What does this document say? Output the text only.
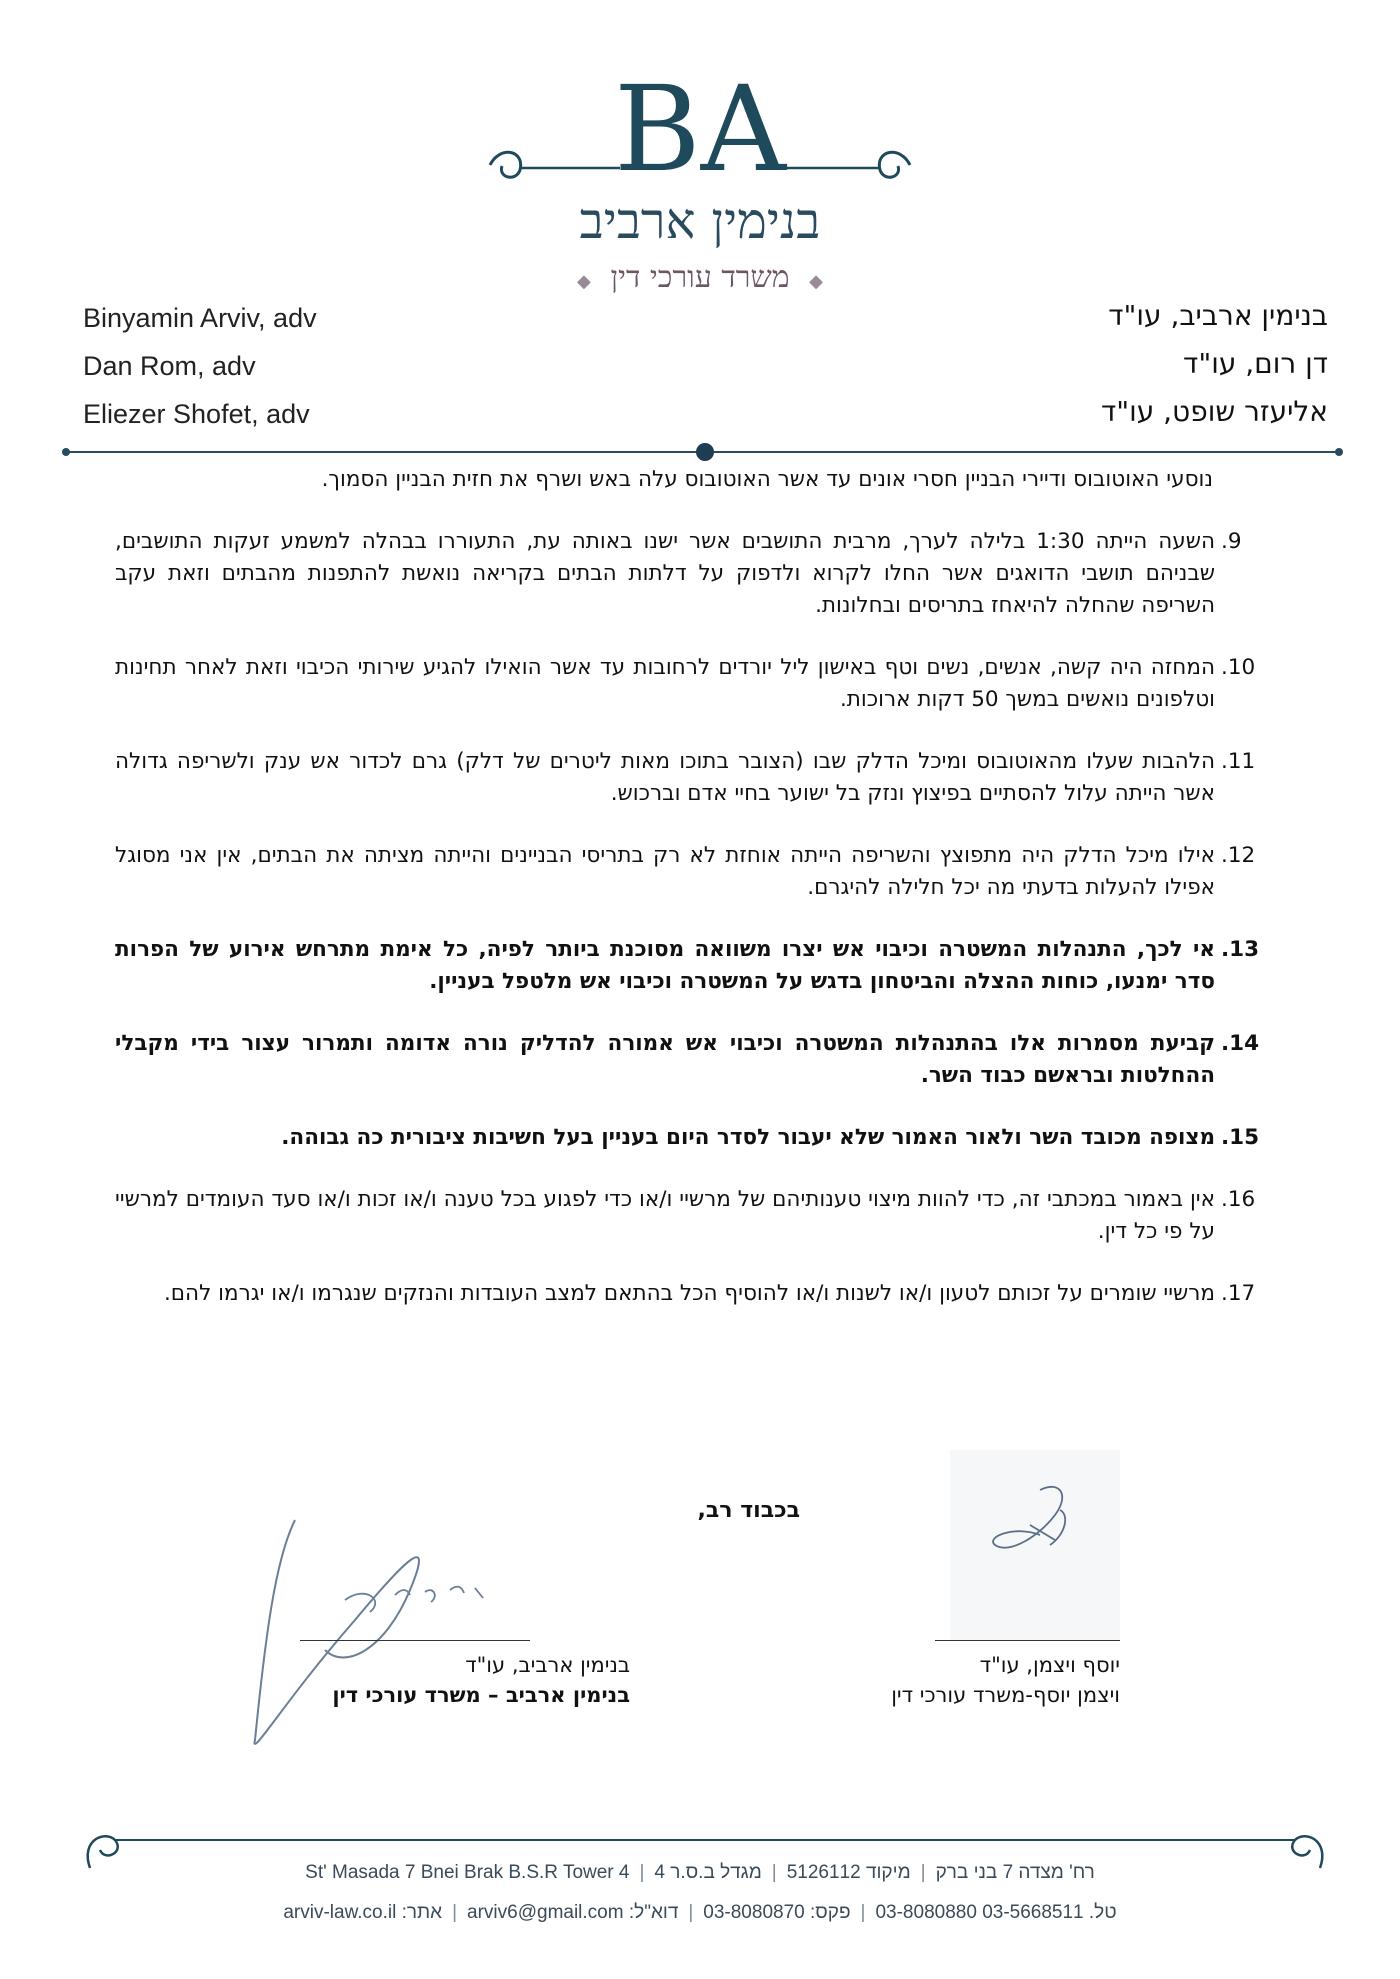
BA
בנימין ארביב
◆ משרד עורכי דין ◆
Binyamin Arviv, adv
Dan Rom, adv
Eliezer Shofet, adv
בנימין ארביב, עו"ד
דן רום, עו"ד
אליעזר שופט, עו"ד

נוסעי האוטובוס ודיירי הבניין חסרי אונים עד אשר האוטובוס עלה באש ושרף את חזית הבניין הסמוך.

9.
השעה הייתה 1:30 בלילה לערך, מרבית התושבים אשר ישנו באותה עת, התעוררו בבהלה למשמע זעקות התושבים, שבניהם תושבי הדואגים אשר החלו לקרוא ולדפוק על דלתות הבתים בקריאה נואשת להתפנות מהבתים וזאת עקב השריפה שהחלה להיאחז בתריסים ובחלונות.
10.
המחזה היה קשה, אנשים, נשים וטף באישון ליל יורדים לרחובות עד אשר הואילו להגיע שירותי הכיבוי וזאת לאחר תחינות וטלפונים נואשים במשך 50 דקות ארוכות.
11.
הלהבות שעלו מהאוטובוס ומיכל הדלק שבו (הצובר בתוכו מאות ליטרים של דלק) גרם לכדור אש ענק ולשריפה גדולה אשר הייתה עלול להסתיים בפיצוץ ונזק בל ישוער בחיי אדם וברכוש.
12.
אילו מיכל הדלק היה מתפוצץ והשריפה הייתה אוחזת לא רק בתריסי הבניינים והייתה מציתה את הבתים, אין אני מסוגל אפילו להעלות בדעתי מה יכל חלילה להיגרם.
13.
אי לכך, התנהלות המשטרה וכיבוי אש יצרו משוואה מסוכנת ביותר לפיה, כל אימת מתרחש אירוע של הפרות סדר ימנעו, כוחות ההצלה והביטחון בדגש על המשטרה וכיבוי אש מלטפל בעניין.
14.
קביעת מסמרות אלו בהתנהלות המשטרה וכיבוי אש אמורה להדליק נורה אדומה ותמרור עצור בידי מקבלי ההחלטות ובראשם כבוד השר.
15.
מצופה מכובד השר ולאור האמור שלא יעבור לסדר היום בעניין בעל חשיבות ציבורית כה גבוהה.
16.
אין באמור במכתבי זה, כדי להוות מיצוי טענותיהם של מרשיי ו/או כדי לפגוע בכל טענה ו/או זכות ו/או סעד העומדים למרשיי על פי כל דין.
17.
מרשיי שומרים על זכותם לטעון ו/או לשנות ו/או להוסיף הכל בהתאם למצב העובדות והנזקים שנגרמו ו/או יגרמו להם.
בכבוד רב,
בנימין ארביב, עו"ד
בנימין ארביב – משרד עורכי דין
יוסף ויצמן, עו"ד
ויצמן יוסף-משרד עורכי דין
St' Masada 7 Bnei Brak B.S.R Tower 4 | מגדל ב.ס.ר 4 | מיקוד 5126112 | רח' מצדה 7 בני ברק
אתר: arviv-law.co.il | דוא"ל: arviv6@gmail.com | פקס: 03-8080870 | טל. 03-5668511 03-8080880
